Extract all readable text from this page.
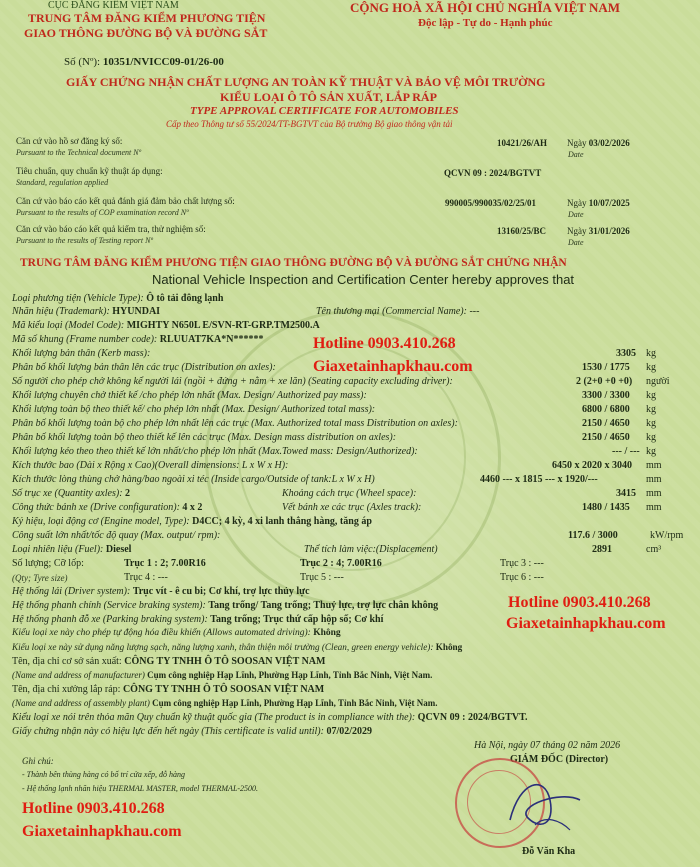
CỤC ĐĂNG KIỂM VIỆT NAM
TRUNG TÂM ĐĂNG KIỂM PHƯƠNG TIỆN
GIAO THÔNG ĐƯỜNG BỘ VÀ ĐƯỜNG SẮT
CỘNG HOÀ XÃ HỘI CHỦ NGHĨA VIỆT NAM
Độc lập - Tự do - Hạnh phúc
Số (Nº): 10351/NVICC09-01/26-00
GIẤY CHỨNG NHẬN CHẤT LƯỢNG AN TOÀN KỸ THUẬT VÀ BẢO VỆ MÔI TRƯỜNG
KIỂU LOẠI Ô TÔ SẢN XUẤT, LẮP RÁP
TYPE APPROVAL CERTIFICATE FOR AUTOMOBILES
Cấp theo Thông tư số 55/2024/TT-BGTVT của Bộ trưởng Bộ giao thông vận tải
Căn cứ vào hồ sơ đăng ký số:
Pursuant to the Technical document Nº
10421/26/AH Ngày 03/02/2026
Date
Tiêu chuẩn, quy chuẩn kỹ thuật áp dụng:
Standard, regulation applied
QCVN 09 : 2024/BGTVT
Căn cứ vào báo cáo kết quả đánh giá đảm bảo chất lượng số:
Pursuant to the results of COP examination record Nº
990005/990035/02/25/01	Ngày 10/07/2025
Date
Căn cứ vào báo cáo kết quả kiểm tra, thử nghiệm số:
Pursuant to the results of Testing report Nº
13160/25/BC Ngày 31/01/2026
Date
TRUNG TÂM ĐĂNG KIỂM PHƯƠNG TIỆN GIAO THÔNG ĐƯỜNG BỘ VÀ ĐƯỜNG SẮT CHỨNG NHẬN
National Vehicle Inspection and Certification Center hereby approves that
Loại phương tiện (Vehicle Type): Ô tô tải đông lạnh
Nhãn hiệu (Trademark): HYUNDAI	Tên thương mại (Commercial Name): ---
Mã kiểu loại (Model Code): MIGHTY N650L E/SVN-RT-GRP.TM2500.A
Mã số khung (Frame number code): RLUUAT7KA*N******
Khối lượng bản thân (Kerb mass):	3305 kg
Phân bố khối lượng bản thân lên các trục (Distribution on axles):	1530 / 1775 kg
Số người cho phép chở không kể người lái (ngồi + đứng + nằm + xe lăn) (Seating capacity excluding driver):	2 (2+0 +0 +0) người
Khối lượng chuyên chở thiết kế /cho phép lớn nhất (Max. Design/ Authorized pay mass):	3300 / 3300 kg
Khối lượng toàn bộ theo thiết kế/ cho phép lớn nhất (Max. Design/ Authorized total mass):	6800 / 6800 kg
Phân bố khối lượng toàn bộ cho phép lớn nhất lên các trục (Max. Authorized total mass Distribution on axles):	2150 / 4650 kg
Phân bố khối lượng toàn bộ theo thiết kế lên các trục (Max. Design mass distribution on axles):	2150 / 4650 kg
Khối lượng kéo theo theo thiết kế lớn nhất/cho phép lớn nhất (Max.Towed mass: Design/Authorized):	--- / --- kg
Kích thước bao (Dài x Rộng x Cao)(Overall dimensions: L x W x H):	6450 x 2020 x 3040 mm
Kích thước lòng thùng chở hàng/bao ngoài xi téc (Inside cargo/Outside of tank:L x W x H)	4460 --- x 1815 --- x 1920/---	mm
Số trục xe (Quantity axles): 2	Khoảng cách trục (Wheel space):	3415 mm
Công thức bánh xe (Drive configuration): 4 x 2	Vết bánh xe các trục (Axles track):	1480 / 1435 mm
Ký hiệu, loại động cơ (Engine model, Type): D4CC; 4 kỳ, 4 xi lanh thẳng hàng, tăng áp
Công suất lớn nhất/tốc độ quay (Max. output/ rpm):	117.6 / 3000	kW/rpm
Loại nhiên liệu (Fuel): Diesel	Thể tích làm việc:(Displacement)	2891	cm³
Số lượng; Cỡ lốp:
(Qty; Tyre size)
Trục 1 : 2; 7.00R16	Trục 2 : 4; 7.00R16	Trục 3 : ---
Trục 4 : ---	Trục 5 : ---	Trục 6 : ---
Hệ thống lái (Driver system): Trục vít - ê cu bi; Cơ khí, trợ lực thủy lực
Hệ thống phanh chính (Service braking system): Tang trống/ Tang trống; Thuỷ lực, trợ lực chân không
Hệ thống phanh đỗ xe (Parking braking system): Tang trống; Trục thứ cấp hộp số; Cơ khí
Kiểu loại xe này cho phép tự động hóa điều khiển (Allows automated driving): Không
Kiểu loại xe này sử dụng năng lượng sạch, năng lượng xanh, thân thiện môi trường (Clean, green energy vehicle): Không
Tên, địa chỉ cơ sở sản xuất: CÔNG TY TNHH Ô TÔ SOOSAN VIỆT NAM
(Name and address of manufacturer) Cụm công nghiệp Hạp Lĩnh, Phường Hạp Lĩnh, Tỉnh Bắc Ninh, Việt Nam.
Tên, địa chỉ xưởng lắp ráp: CÔNG TY TNHH Ô TÔ SOOSAN VIỆT NAM
(Name and address of assembly plant) Cụm công nghiệp Hạp Lĩnh, Phường Hạp Lĩnh, Tỉnh Bắc Ninh, Việt Nam.
Kiểu loại xe nói trên thỏa mãn Quy chuẩn kỹ thuật quốc gia (The product is in compliance with the): QCVN 09 : 2024/BGTVT.
Giấy chứng nhận này có hiệu lực đến hết ngày (This certificate is valid until): 07/02/2029
Hà Nội, ngày 07 tháng 02 năm 2026
GIÁM ĐỐC (Director)
Đỗ Văn Kha
Ghi chú:
- Thành bên thùng hàng có bố trí cửa xếp, đỗ hàng
- Hệ thống lạnh nhãn hiệu THERMAL MASTER, model THERMAL-2500.
Hotline 0903.410.268
Giaxetainhapkhau.com
Hotline 0903.410.268
Giaxetainhapkhau.com
Hotline 0903.410.268
Giaxetainhapkhau.com
